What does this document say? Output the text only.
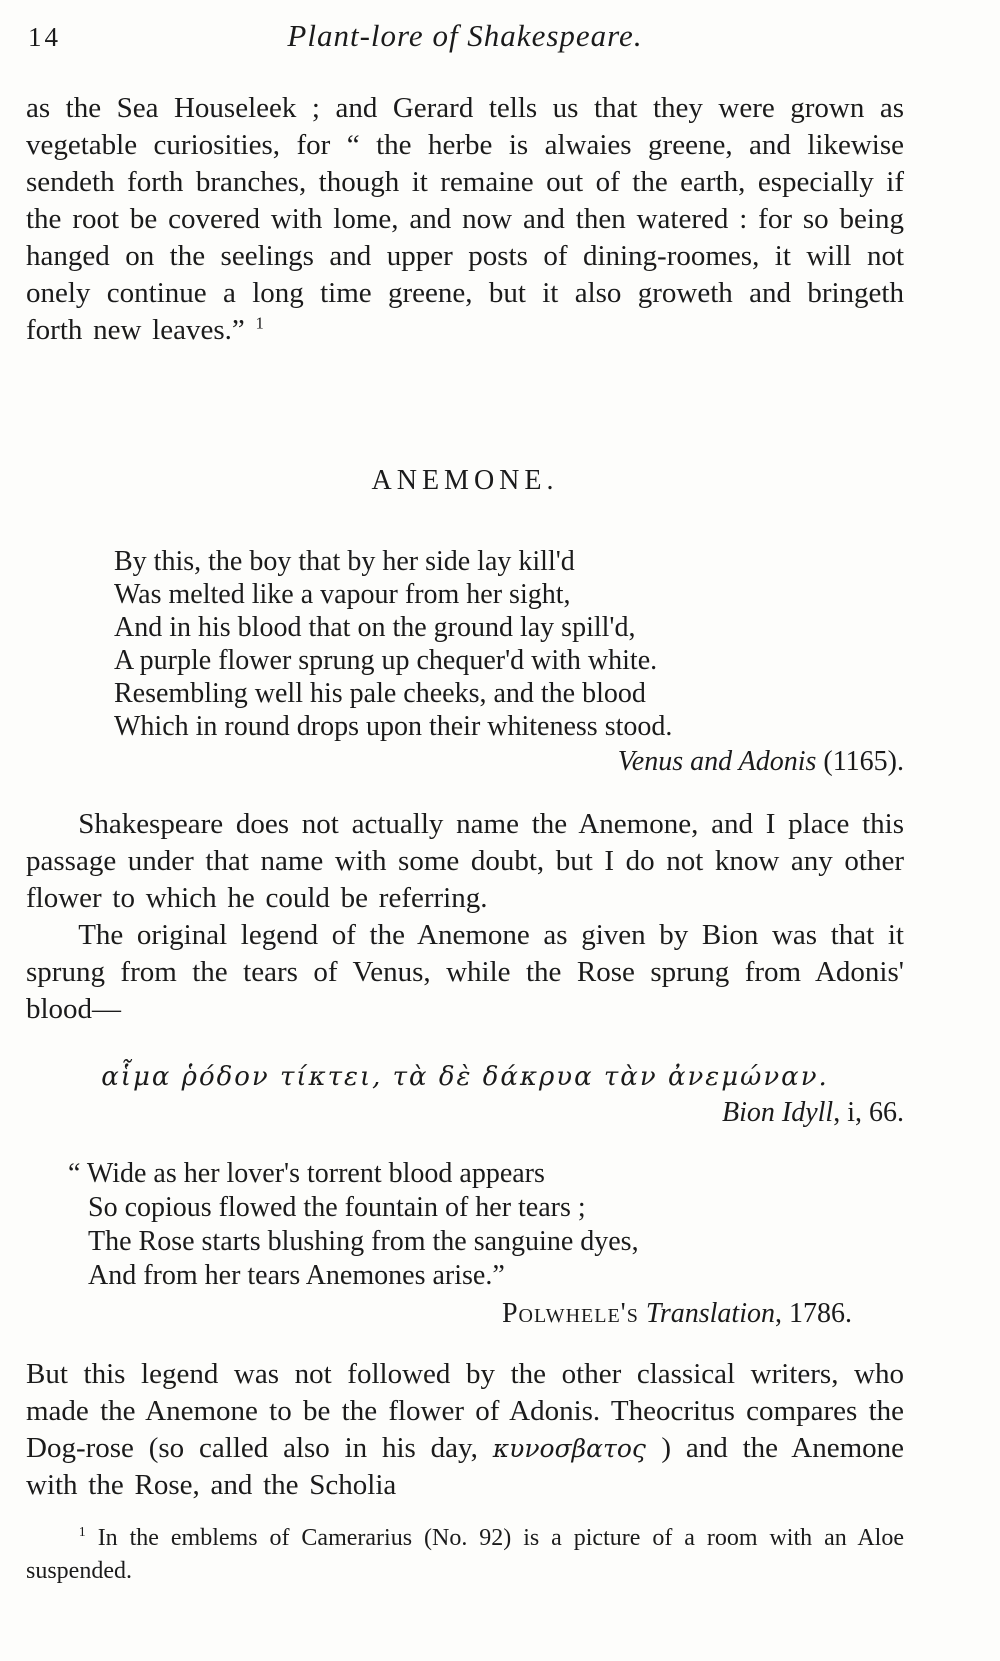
14	Plant-lore of Shakespeare.

as the Sea Houseleek ; and Gerard tells us that they were grown as vegetable curiosities, for “ the herbe is alwaies greene, and likewise sendeth forth branches, though it remaine out of the earth, especially if the root be covered with lome, and now and then watered : for so being hanged on the seelings and upper posts of dining-roomes, it will not onely continue a long time greene, but it also groweth and bringeth forth new leaves.” $^1$

ANEMONE.
By this, the boy that by her side lay kill'd
Was melted like a vapour from her sight,
And in his blood that on the ground lay spill'd,
A purple flower sprung up chequer'd with white.
Resembling well his pale cheeks, and the blood
Which in round drops upon their whiteness stood.
Venus and Adonis (1165).

Shakespeare does not actually name the Anemone, and I place this passage under that name with some doubt, but I do not know any other flower to which he could be referring.

The original legend of the Anemone as given by Bion was that it sprung from the tears of Venus, while the Rose sprung from Adonis' blood—

αἷμα ῥόδον τίκτει, τὰ δὲ δάκρυα τὰν ἀνεμώναν.
Bion Idyll, i, 66.
“ Wide as her lover's torrent blood appears
So copious flowed the fountain of her tears ;
The Rose starts blushing from the sanguine dyes,
And from her tears Anemones arise.”
Polwhele's Translation, 1786.

But this legend was not followed by the other classical writers, who made the Anemone to be the flower of Adonis. Theocritus compares the Dog-rose (so called also in his day, κυνοσβατος ) and the Anemone with the Rose, and the Scholia

$^1$ In the emblems of Camerarius (No. 92) is a picture of a room with an Aloe suspended.
